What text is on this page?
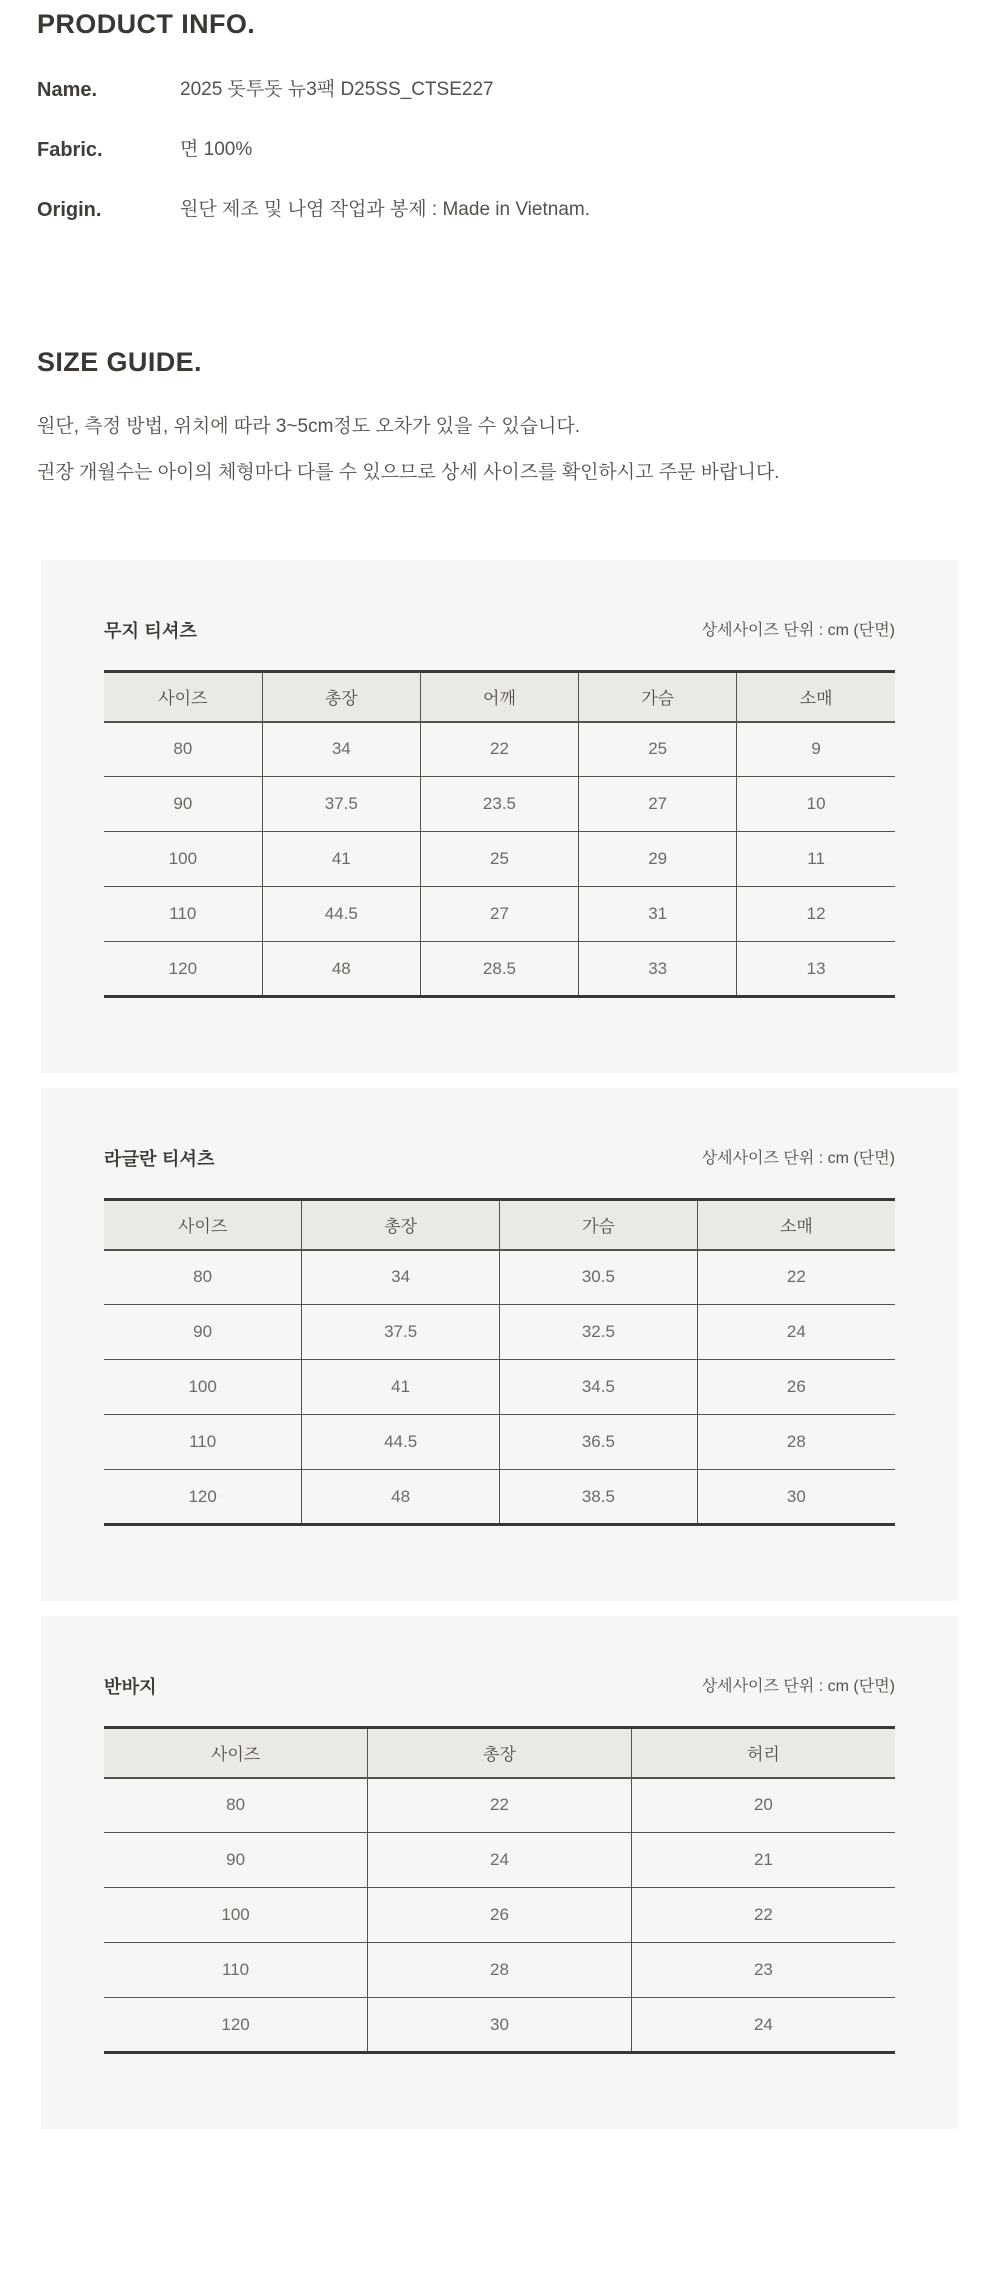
PRODUCT INFO.
Name.	2025 돗투돗 뉴3팩 D25SS_CTSE227
Fabric.	면 100%
Origin.	원단 제조 및 나염 작업과 봉제 : Made in Vietnam.
SIZE GUIDE.

원단, 측정 방법, 위치에 따라 3~5cm정도 오차가 있을 수 있습니다.

권장 개월수는 아이의 체형마다 다를 수 있으므로 상세 사이즈를 확인하시고 주문 바랍니다.

무지 티셔츠	상세사이즈 단위 : cm (단면)
사이즈	총장	어깨	가슴	소매
80	34	22	25	9
90	37.5	23.5	27	10
100	41	25	29	11
110	44.5	27	31	12
120	48	28.5	33	13
라글란 티셔츠	상세사이즈 단위 : cm (단면)
사이즈	총장	가슴	소매
80	34	30.5	22
90	37.5	32.5	24
100	41	34.5	26
110	44.5	36.5	28
120	48	38.5	30
반바지	상세사이즈 단위 : cm (단면)
사이즈	총장	허리
80	22	20
90	24	21
100	26	22
110	28	23
120	30	24
